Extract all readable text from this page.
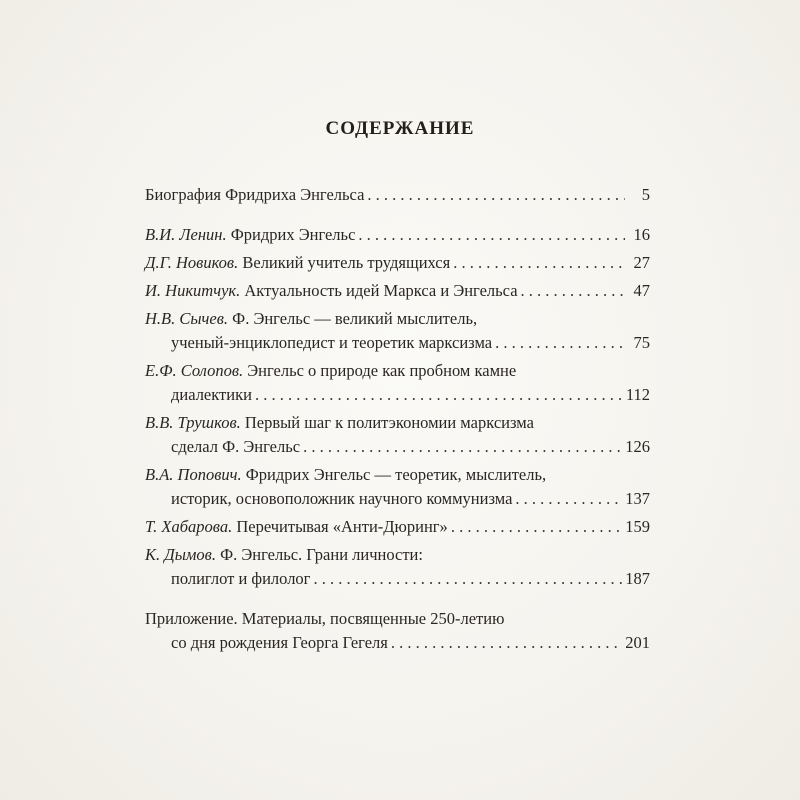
СОДЕРЖАНИЕ
Биография Фридриха Энгельса . . .	5
В.И. Ленин. Фридрих Энгельс . . .	16
Д.Г. Новиков. Великий учитель трудящихся . . .	27
И. Никитчук. Актуальность идей Маркса и Энгельса . . .	47
Н.В. Сычев. Ф. Энгельс — великий мыслитель,
ученый-энциклопедист и теоретик марксизма . . .	75
Е.Ф. Солопов. Энгельс о природе как пробном камне
диалектики . . .	112
В.В. Трушков. Первый шаг к политэкономии марксизма
сделал Ф. Энгельс . . .	126
В.А. Попович. Фридрих Энгельс — теоретик, мыслитель,
историк, основоположник научного коммунизма . . .	137
Т. Хабарова. Перечитывая «Анти-Дюринг» . . .	159
К. Дымов. Ф. Энгельс. Грани личности:
полиглот и филолог . . .	187
Приложение. Материалы, посвященные 250-летию
со дня рождения Георга Гегеля . . .	201
